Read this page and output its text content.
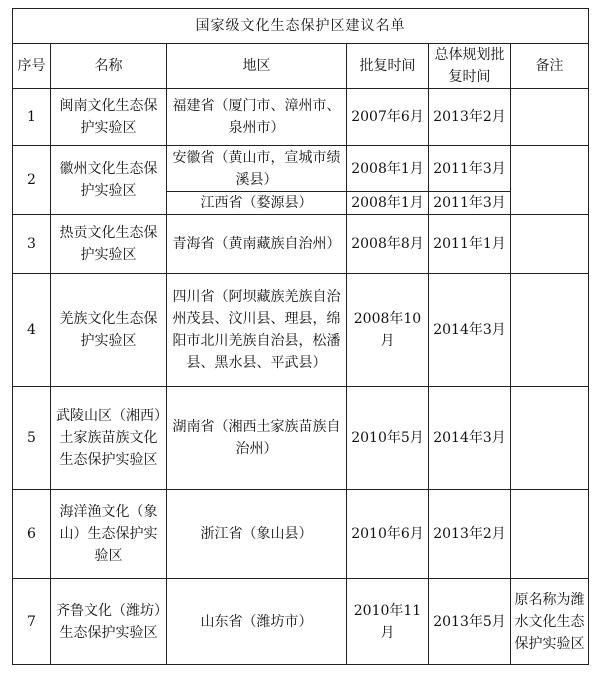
国家级文化生态保护区建议名单					
序号	名称	地区	批复时间	总体规划批复时间	备注
1	闽南文化生态保护实验区	福建省（厦门市、漳州市、泉州市）	2007年6月	2013年2月	
2	徽州文化生态保护实验区	安徽省（黄山市，宣城市绩溪县）	2008年1月	2011年3月	
		江西省（婺源县）	2008年1月	2011年3月	
3	热贡文化生态保护实验区	青海省（黄南藏族自治州）	2008年8月	2011年1月	
4	羌族文化生态保护实验区	四川省（阿坝藏族羌族自治州茂县、汶川县、理县，绵阳市北川羌族自治县，松潘县、黑水县、平武县）	2008年10月	2014年3月	
5	武陵山区（湘西）土家族苗族文化生态保护实验区	湖南省（湘西土家族苗族自治州）	2010年5月	2014年3月	
6	海洋渔文化（象山）生态保护实验区	浙江省（象山县）	2010年6月	2013年2月	
7	齐鲁文化（潍坊）生态保护实验区	山东省（潍坊市）	2010年11月	2013年5月	原名称为潍水文化生态保护实验区
